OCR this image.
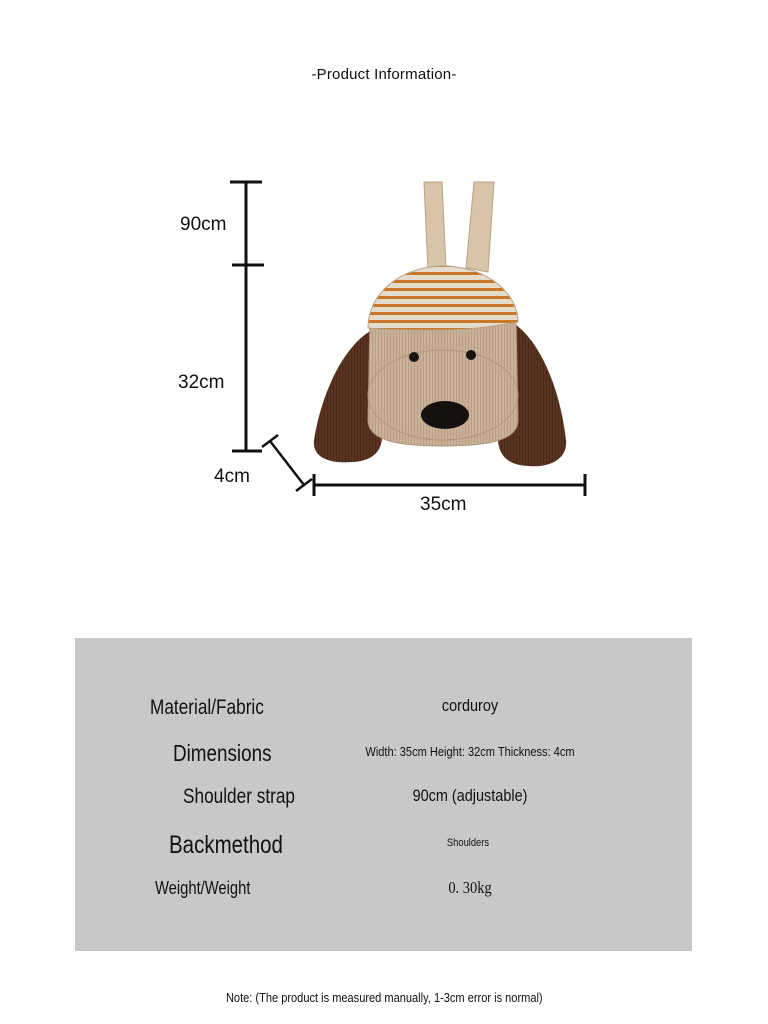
-Product Information-
90cm
32cm
4cm
35cm
Material/Fabric	corduroy
Dimensions	Width: 35cm Height: 32cm Thickness: 4cm
Shoulder strap	90cm (adjustable)
Backmethod	Shoulders
Weight/Weight	0. 30kg
Note: (The product is measured manually, 1-3cm error is normal)
